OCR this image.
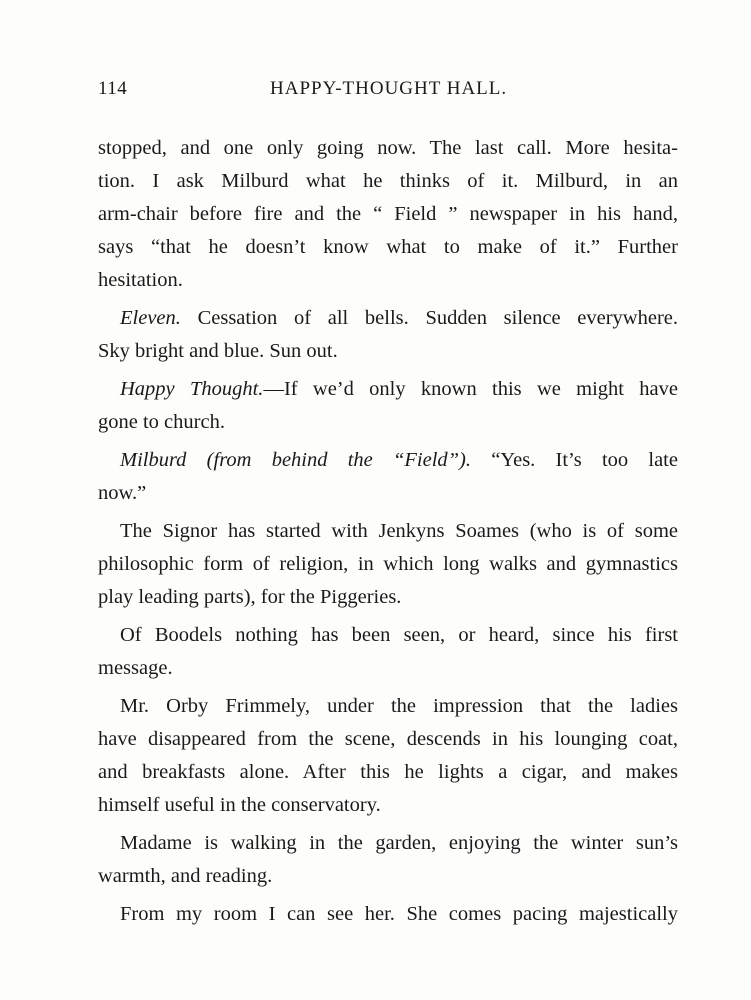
114	HAPPY-THOUGHT HALL.
stopped, and one only going now. The last call. More hesita-
tion. I ask Milburd what he thinks of it. Milburd, in an
arm-chair before fire and the “ Field ” newspaper in his hand,
says “that he doesn’t know what to make of it.” Further
hesitation.
Eleven. Cessation of all bells. Sudden silence everywhere.
Sky bright and blue. Sun out.
Happy Thought.—If we’d only known this we might have
gone to church.
Milburd (from behind the “Field”). “Yes. It’s too late
now.”
The Signor has started with Jenkyns Soames (who is of some
philosophic form of religion, in which long walks and gymnastics
play leading parts), for the Piggeries.
Of Boodels nothing has been seen, or heard, since his first
message.
Mr. Orby Frimmely, under the impression that the ladies
have disappeared from the scene, descends in his lounging coat,
and breakfasts alone. After this he lights a cigar, and makes
himself useful in the conservatory.
Madame is walking in the garden, enjoying the winter sun’s
warmth, and reading.
From my room I can see her. She comes pacing majestically
